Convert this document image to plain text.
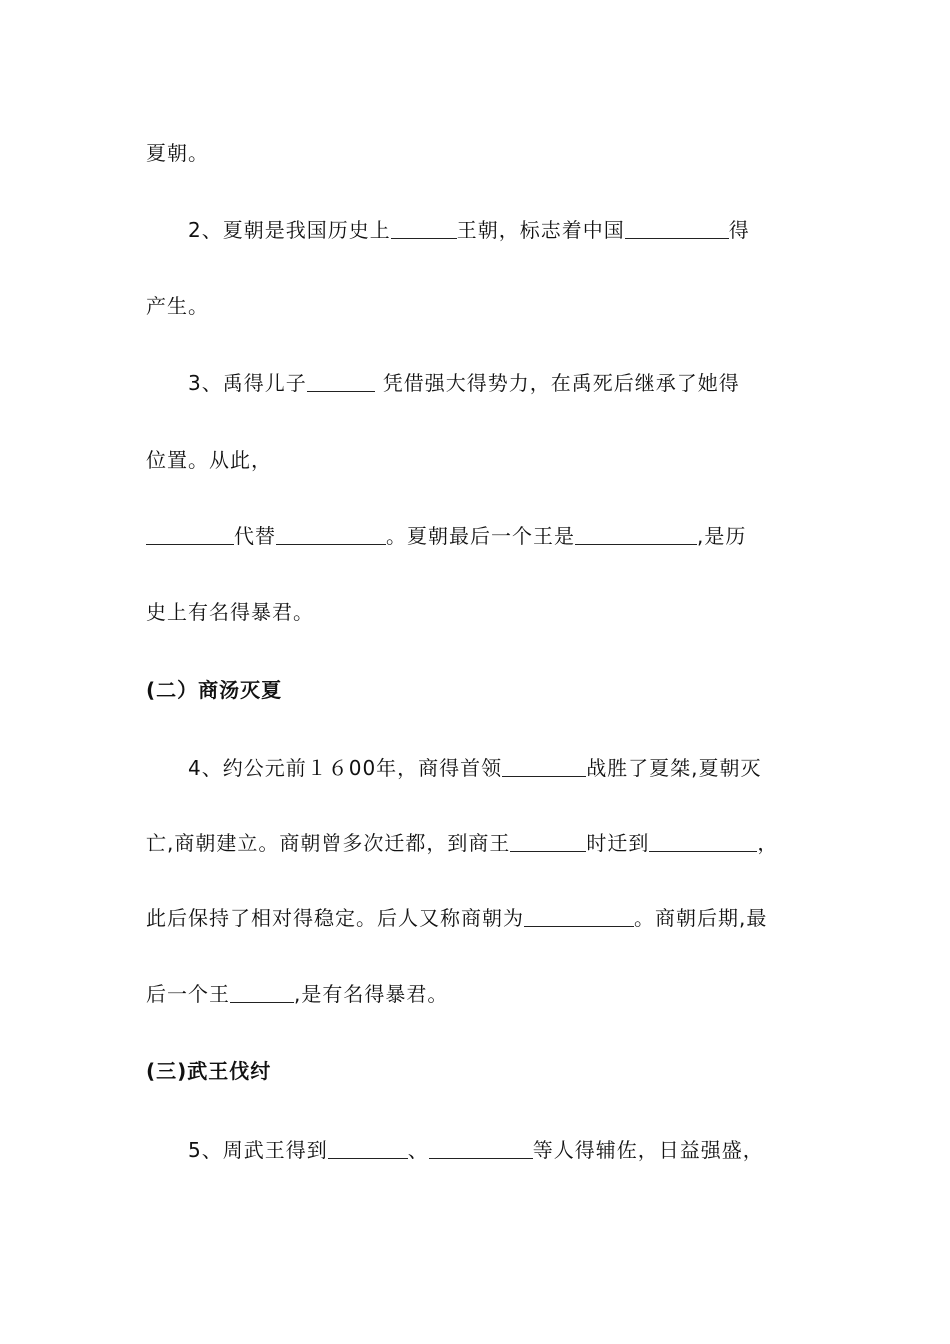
夏朝。
2、夏朝是我国历史上	王朝，标志着中国	得
产生。
3、禹得儿子	凭借强大得势力，在禹死后继承了她得
位置。从此，
代替	。夏朝最后一个王是	,是历
史上有名得暴君。
(二）商汤灭夏
4、约公元前１６00年，商得首领	战胜了夏桀,夏朝灭
亡,商朝建立。商朝曾多次迁都，到商王	时迁到	，
此后保持了相对得稳定。后人又称商朝为	。商朝后期,最
后一个王	,是有名得暴君。
(三)武王伐纣
5、周武王得到	、	等人得辅佐，日益强盛，
